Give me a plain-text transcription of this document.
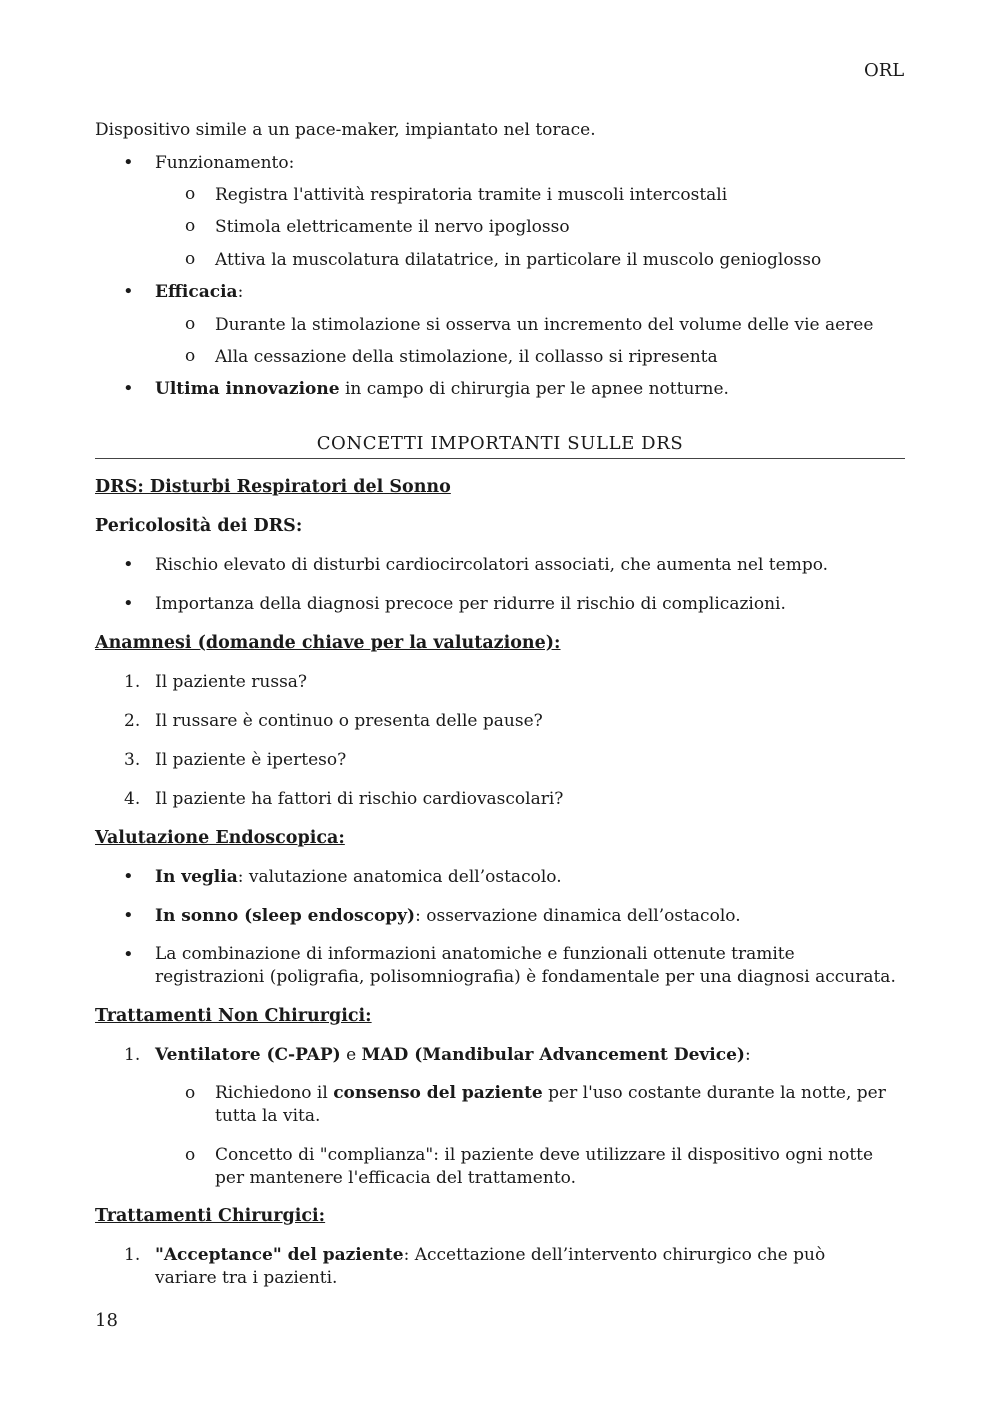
ORL
Dispositivo simile a un pace-maker, impiantato nel torace.
• Funzionamento:
o Registra l'attività respiratoria tramite i muscoli intercostali
o Stimola elettricamente il nervo ipoglosso
o Attiva la muscolatura dilatatrice, in particolare il muscolo genioglosso
• Efficacia:
o Durante la stimolazione si osserva un incremento del volume delle vie aeree
o Alla cessazione della stimolazione, il collasso si ripresenta
• Ultima innovazione in campo di chirurgia per le apnee notturne.
CONCETTI IMPORTANTI SULLE DRS
DRS: Disturbi Respiratori del Sonno
Pericolosità dei DRS:
• Rischio elevato di disturbi cardiocircolatori associati, che aumenta nel tempo.
• Importanza della diagnosi precoce per ridurre il rischio di complicazioni.
Anamnesi (domande chiave per la valutazione):
1. Il paziente russa?
2. Il russare è continuo o presenta delle pause?
3. Il paziente è iperteso?
4. Il paziente ha fattori di rischio cardiovascolari?
Valutazione Endoscopica:
• In veglia: valutazione anatomica dell’ostacolo.
• In sonno (sleep endoscopy): osservazione dinamica dell’ostacolo.
• La combinazione di informazioni anatomiche e funzionali ottenute tramite registrazioni (poligrafia, polisomniografia) è fondamentale per una diagnosi accurata.
Trattamenti Non Chirurgici:
1. Ventilatore (C-PAP) e MAD (Mandibular Advancement Device):
o Richiedono il consenso del paziente per l'uso costante durante la notte, per tutta la vita.
o Concetto di "complianza": il paziente deve utilizzare il dispositivo ogni notte per mantenere l'efficacia del trattamento.
Trattamenti Chirurgici:
1. "Acceptance" del paziente: Accettazione dell’intervento chirurgico che può variare tra i pazienti.
18
